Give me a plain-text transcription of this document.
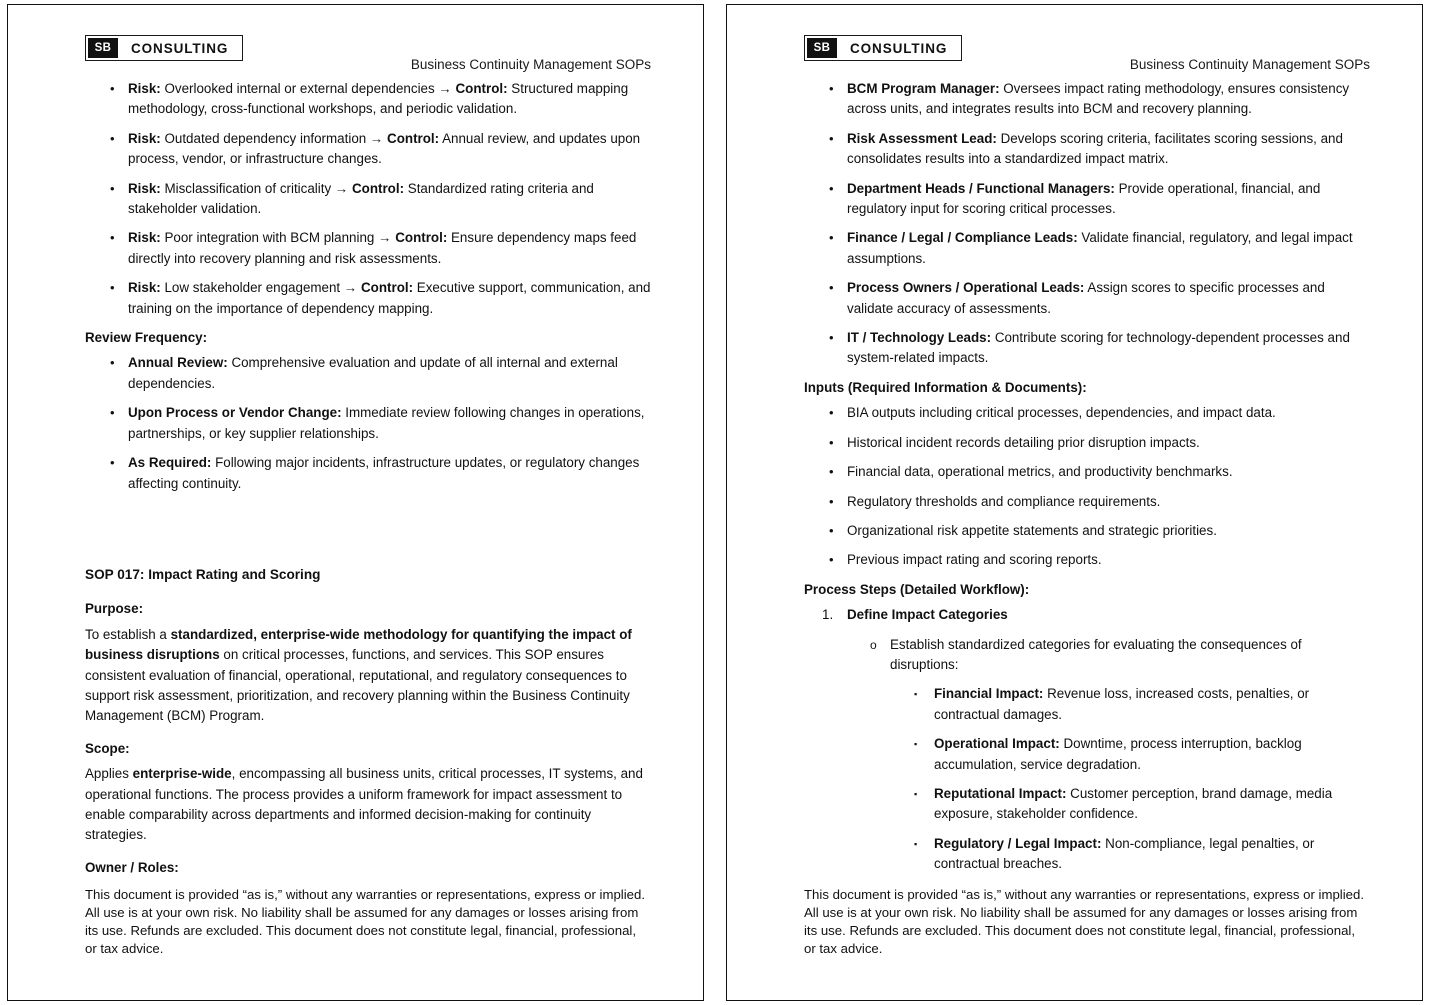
SB	CONSULTING
Business Continuity Management SOPs
• Risk: Overlooked internal or external dependencies → Control: Structured mapping methodology, cross-functional workshops, and periodic validation.
• Risk: Outdated dependency information → Control: Annual review, and updates upon process, vendor, or infrastructure changes.
• Risk: Misclassification of criticality → Control: Standardized rating criteria and stakeholder validation.
• Risk: Poor integration with BCM planning → Control: Ensure dependency maps feed directly into recovery planning and risk assessments.
• Risk: Low stakeholder engagement → Control: Executive support, communication, and training on the importance of dependency mapping.
Review Frequency:
• Annual Review: Comprehensive evaluation and update of all internal and external dependencies.
• Upon Process or Vendor Change: Immediate review following changes in operations, partnerships, or key supplier relationships.
• As Required: Following major incidents, infrastructure updates, or regulatory changes affecting continuity.
SOP 017: Impact Rating and Scoring
Purpose:
To establish a standardized, enterprise-wide methodology for quantifying the impact of business disruptions on critical processes, functions, and services. This SOP ensures consistent evaluation of financial, operational, reputational, and regulatory consequences to support risk assessment, prioritization, and recovery planning within the Business Continuity Management (BCM) Program.
Scope:
Applies enterprise-wide, encompassing all business units, critical processes, IT systems, and operational functions. The process provides a uniform framework for impact assessment to enable comparability across departments and informed decision-making for continuity strategies.
Owner / Roles:
This document is provided “as is,” without any warranties or representations, express or implied. All use is at your own risk. No liability shall be assumed for any damages or losses arising from its use. Refunds are excluded. This document does not constitute legal, financial, professional, or tax advice.
SB	CONSULTING
Business Continuity Management SOPs
• BCM Program Manager: Oversees impact rating methodology, ensures consistency across units, and integrates results into BCM and recovery planning.
• Risk Assessment Lead: Develops scoring criteria, facilitates scoring sessions, and consolidates results into a standardized impact matrix.
• Department Heads / Functional Managers: Provide operational, financial, and regulatory input for scoring critical processes.
• Finance / Legal / Compliance Leads: Validate financial, regulatory, and legal impact assumptions.
• Process Owners / Operational Leads: Assign scores to specific processes and validate accuracy of assessments.
• IT / Technology Leads: Contribute scoring for technology-dependent processes and system-related impacts.
Inputs (Required Information & Documents):
• BIA outputs including critical processes, dependencies, and impact data.
• Historical incident records detailing prior disruption impacts.
• Financial data, operational metrics, and productivity benchmarks.
• Regulatory thresholds and compliance requirements.
• Organizational risk appetite statements and strategic priorities.
• Previous impact rating and scoring reports.
Process Steps (Detailed Workflow):
1. Define Impact Categories
o Establish standardized categories for evaluating the consequences of disruptions:
▪ Financial Impact: Revenue loss, increased costs, penalties, or contractual damages.
▪ Operational Impact: Downtime, process interruption, backlog accumulation, service degradation.
▪ Reputational Impact: Customer perception, brand damage, media exposure, stakeholder confidence.
▪ Regulatory / Legal Impact: Non-compliance, legal penalties, or contractual breaches.
This document is provided “as is,” without any warranties or representations, express or implied. All use is at your own risk. No liability shall be assumed for any damages or losses arising from its use. Refunds are excluded. This document does not constitute legal, financial, professional, or tax advice.
